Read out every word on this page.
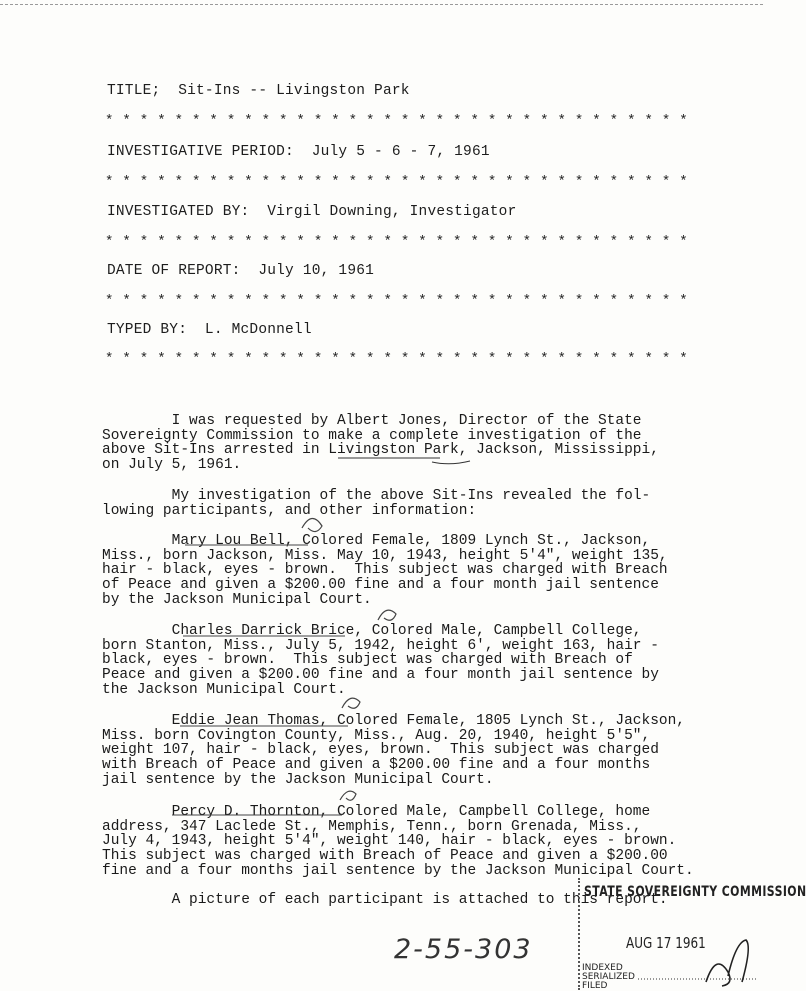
TITLE;  Sit-Ins -- Livingston Park
* * * * * * * * * * * * * * * * * * * * * * * * * * * * * * * * * *
INVESTIGATIVE PERIOD:  July 5 - 6 - 7, 1961
* * * * * * * * * * * * * * * * * * * * * * * * * * * * * * * * * *
INVESTIGATED BY:  Virgil Downing, Investigator
* * * * * * * * * * * * * * * * * * * * * * * * * * * * * * * * * *
DATE OF REPORT:  July 10, 1961
* * * * * * * * * * * * * * * * * * * * * * * * * * * * * * * * * *
TYPED BY:  L. McDonnell
* * * * * * * * * * * * * * * * * * * * * * * * * * * * * * * * * *
I was requested by Albert Jones, Director of the State
Sovereignty Commission to make a complete investigation of the
above Sit-Ins arrested in Livingston Park, Jackson, Mississippi,
on July 5, 1961.
My investigation of the above Sit-Ins revealed the fol-
lowing participants, and other information:
Mary Lou Bell, Colored Female, 1809 Lynch St., Jackson,
Miss., born Jackson, Miss. May 10, 1943, height 5'4", weight 135,
hair - black, eyes - brown.  This subject was charged with Breach
of Peace and given a $200.00 fine and a four month jail sentence
by the Jackson Municipal Court.
Charles Darrick Brice, Colored Male, Campbell College,
born Stanton, Miss., July 5, 1942, height 6', weight 163, hair -
black, eyes - brown.  This subject was charged with Breach of
Peace and given a $200.00 fine and a four month jail sentence by
the Jackson Municipal Court.
Eddie Jean Thomas, Colored Female, 1805 Lynch St., Jackson,
Miss. born Covington County, Miss., Aug. 20, 1940, height 5'5",
weight 107, hair - black, eyes, brown.  This subject was charged
with Breach of Peace and given a $200.00 fine and a four months
jail sentence by the Jackson Municipal Court.
Percy D. Thornton, Colored Male, Campbell College, home
address, 347 Laclede St., Memphis, Tenn., born Grenada, Miss.,
July 4, 1943, height 5'4", weight 140, hair - black, eyes - brown.
This subject was charged with Breach of Peace and given a $200.00
fine and a four months jail sentence by the Jackson Municipal Court.
A picture of each participant is attached to this report.
2-55-303
STATE SOVEREIGNTY COMMISSION
AUG 17 1961
INDEXED
SERIALIZED
FILED
